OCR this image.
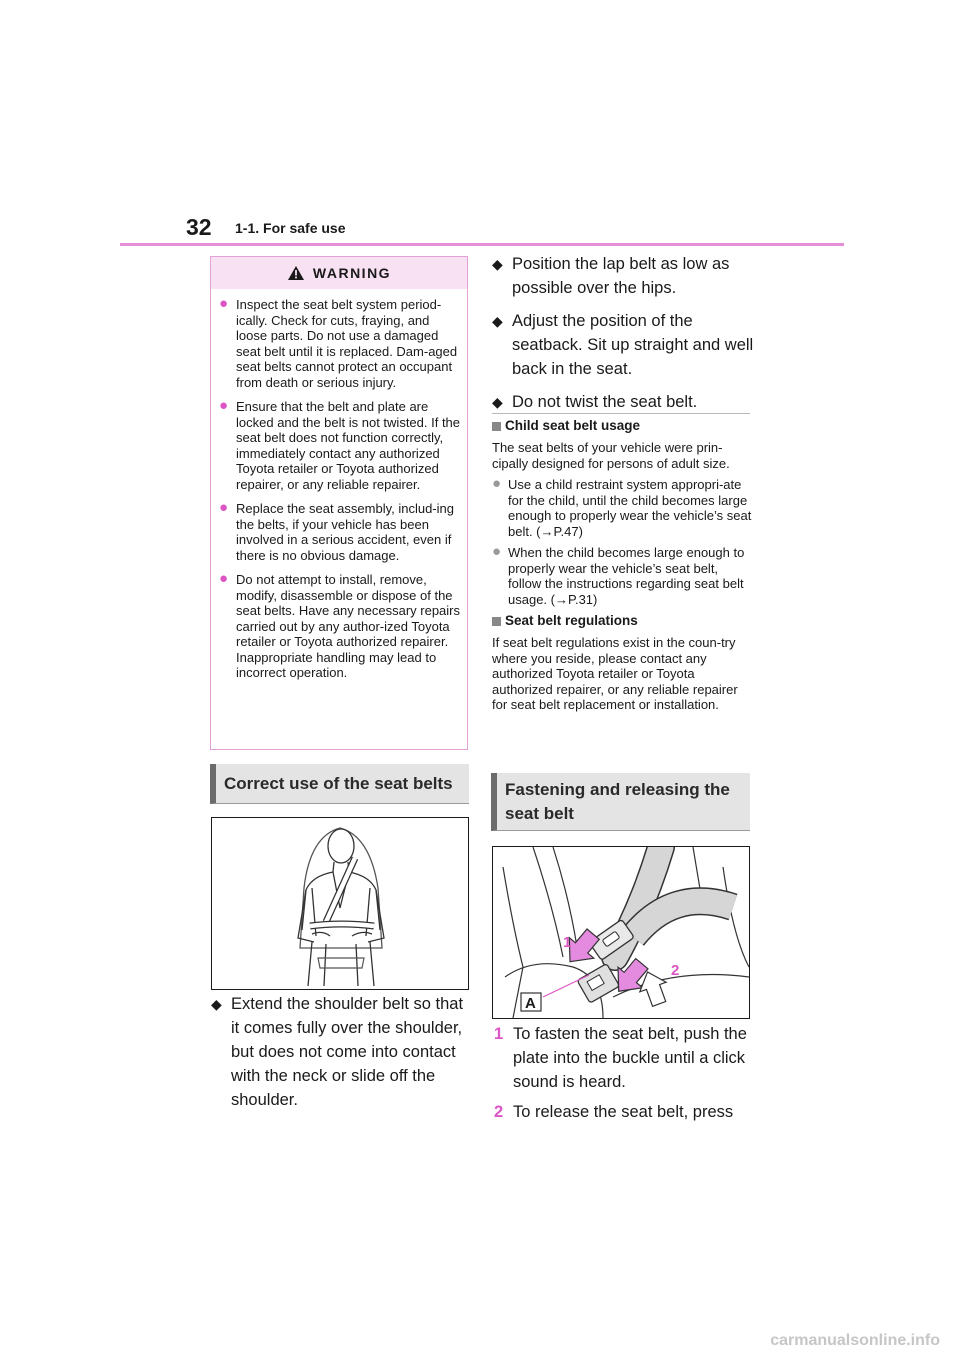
32 1-1. For safe use
WARNING
● Inspect the seat belt system period-ically. Check for cuts, fraying, and loose parts. Do not use a damaged seat belt until it is replaced. Dam-aged seat belts cannot protect an occupant from death or serious injury.
● Ensure that the belt and plate are locked and the belt is not twisted. If the seat belt does not function correctly, immediately contact any authorized Toyota retailer or Toyota authorized repairer, or any reliable repairer.
● Replace the seat assembly, includ-ing the belts, if your vehicle has been involved in a serious accident, even if there is no obvious damage.
● Do not attempt to install, remove, modify, disassemble or dispose of the seat belts. Have any necessary repairs carried out by any author-ized Toyota retailer or Toyota authorized repairer. Inappropriate handling may lead to incorrect operation.
Correct use of the seat belts
◆ Extend the shoulder belt so that it comes fully over the shoulder, but does not come into contact with the neck or slide off the shoulder.
◆ Position the lap belt as low as possible over the hips.
◆ Adjust the position of the seatback. Sit up straight and well back in the seat.
◆ Do not twist the seat belt.
Child seat belt usage
The seat belts of your vehicle were prin-cipally designed for persons of adult size.
● Use a child restraint system appropri-ate for the child, until the child becomes large enough to properly wear the vehicle’s seat belt. (→P.47)
● When the child becomes large enough to properly wear the vehicle’s seat belt, follow the instructions regarding seat belt usage. (→P.31)
Seat belt regulations
If seat belt regulations exist in the coun-try where you reside, please contact any authorized Toyota retailer or Toyota authorized repairer, or any reliable repairer for seat belt replacement or installation.
Fastening and releasing the seat belt
1
2
A
1 To fasten the seat belt, push the plate into the buckle until a click sound is heard.
2 To release the seat belt, press
carmanualsonline.info
